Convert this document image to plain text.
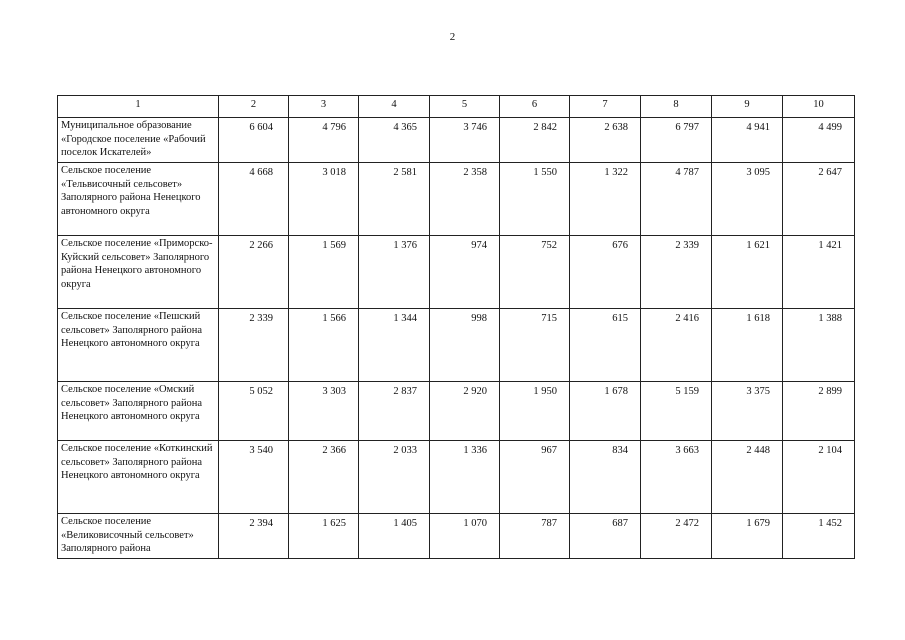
2
1	2	3	4	5	6	7	8	9	10
Муниципальное образование «Городское поселение «Рабочий поселок Искателей»	6 604	4 796	4 365	3 746	2 842	2 638	6 797	4 941	4 499
Сельское поселение «Тельвисочный сельсовет» Заполярного района Ненецкого автономного округа	4 668	3 018	2 581	2 358	1 550	1 322	4 787	3 095	2 647
Сельское поселение «Приморско-Куйский сельсовет» Заполярного района Ненецкого автономного округа	2 266	1 569	1 376	974	752	676	2 339	1 621	1 421
Сельское поселение «Пешский сельсовет» Заполярного района Ненецкого автономного округа	2 339	1 566	1 344	998	715	615	2 416	1 618	1 388
Сельское поселение «Омский сельсовет» Заполярного района Ненецкого автономного округа	5 052	3 303	2 837	2 920	1 950	1 678	5 159	3 375	2 899
Сельское поселение «Коткинский сельсовет» Заполярного района Ненецкого автономного округа	3 540	2 366	2 033	1 336	967	834	3 663	2 448	2 104
Сельское поселение «Великовисочный сельсовет» Заполярного района	2 394	1 625	1 405	1 070	787	687	2 472	1 679	1 452
